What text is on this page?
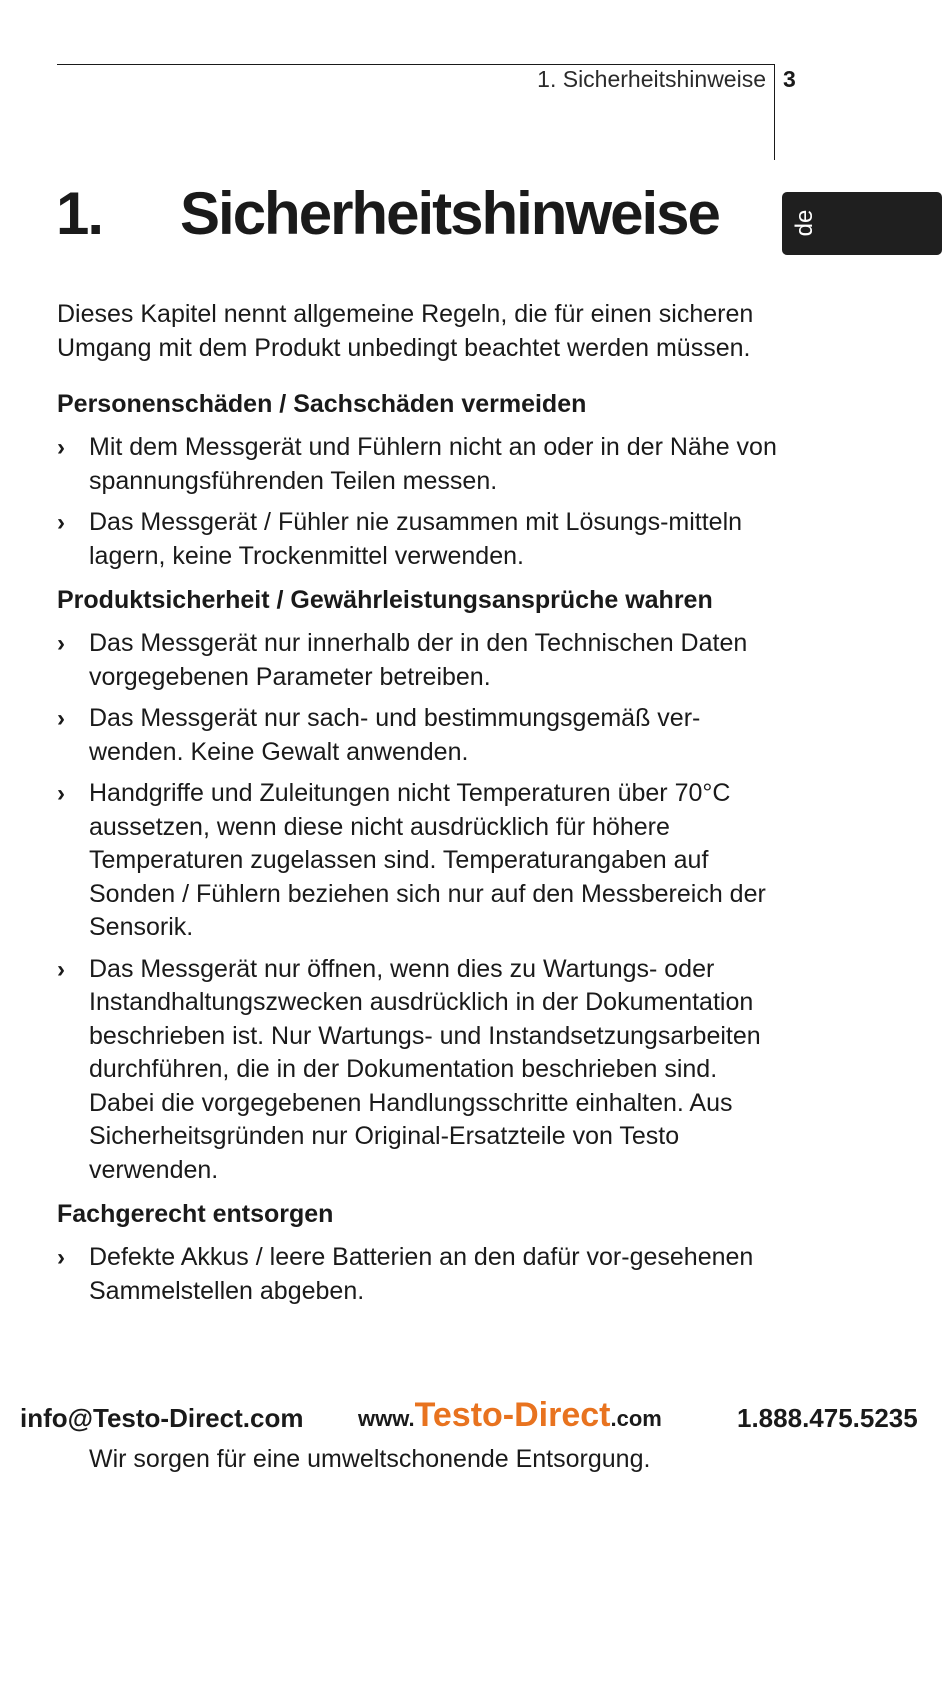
1. Sicherheitshinweise 3
de
1. Sicherheitshinweise

Dieses Kapitel nennt allgemeine Regeln, die für einen sicheren Umgang mit dem Produkt unbedingt beachtet werden müssen.

Personenschäden / Sachschäden vermeiden
› Mit dem Messgerät und Fühlern nicht an oder in der Nähe von spannungsführenden Teilen messen.
› Das Messgerät / Fühler nie zusammen mit Lösungs-mitteln lagern, keine Trockenmittel verwenden.
Produktsicherheit / Gewährleistungsansprüche wahren
› Das Messgerät nur innerhalb der in den Technischen Daten vorgegebenen Parameter betreiben.
› Das Messgerät nur sach- und bestimmungsgemäß ver-wenden. Keine Gewalt anwenden.
› Handgriffe und Zuleitungen nicht Temperaturen über 70°C aussetzen, wenn diese nicht ausdrücklich für höhere Temperaturen zugelassen sind. Temperaturangaben auf Sonden / Fühlern beziehen sich nur auf den Messbereich der Sensorik.
› Das Messgerät nur öffnen, wenn dies zu Wartungs- oder Instandhaltungszwecken ausdrücklich in der Dokumentation beschrieben ist. Nur Wartungs- und Instandsetzungsarbeiten durchführen, die in der Dokumentation beschrieben sind. Dabei die vorgegebenen Handlungsschritte einhalten. Aus Sicherheitsgründen nur Original-Ersatzteile von Testo verwenden.
Fachgerecht entsorgen
› Defekte Akkus / leere Batterien an den dafür vor-gesehenen Sammelstellen abgeben.
info@Testo-Direct.com www.Testo-Direct.com	1.888.475.5235
Wir sorgen für eine umweltschonende Entsorgung.
